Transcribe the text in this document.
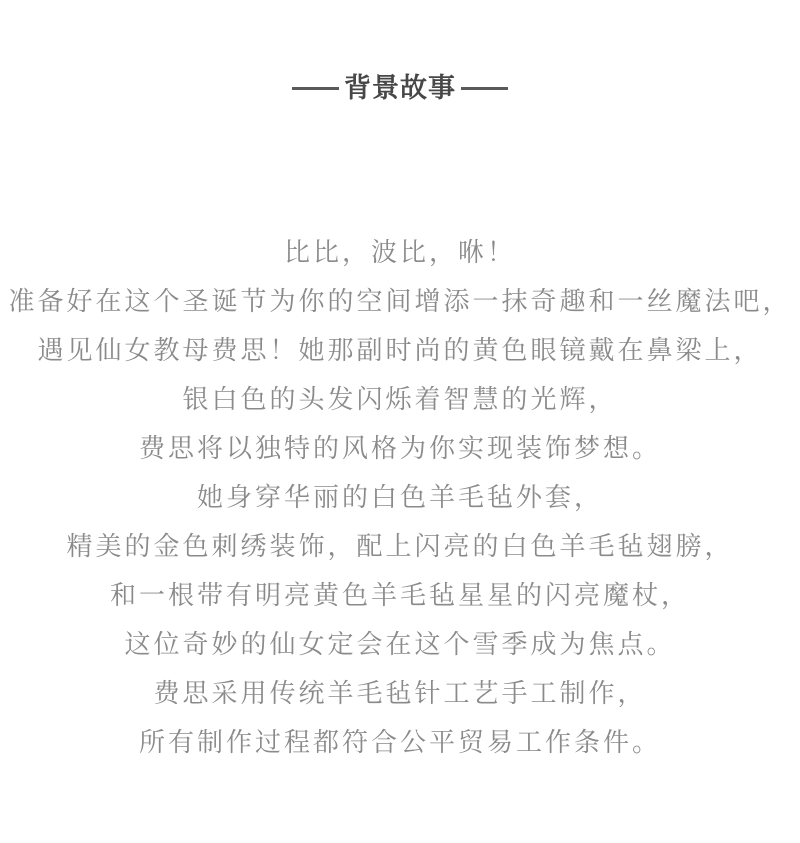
背景故事

比比，波比，咻！

准备好在这个圣诞节为你的空间增添一抹奇趣和一丝魔法吧，

遇见仙女教母费思！她那副时尚的黄色眼镜戴在鼻梁上，

银白色的头发闪烁着智慧的光辉，

费思将以独特的风格为你实现装饰梦想。

她身穿华丽的白色羊毛毡外套，

精美的金色刺绣装饰，配上闪亮的白色羊毛毡翅膀，

和一根带有明亮黄色羊毛毡星星的闪亮魔杖，

这位奇妙的仙女定会在这个雪季成为焦点。

费思采用传统羊毛毡针工艺手工制作，

所有制作过程都符合公平贸易工作条件。
